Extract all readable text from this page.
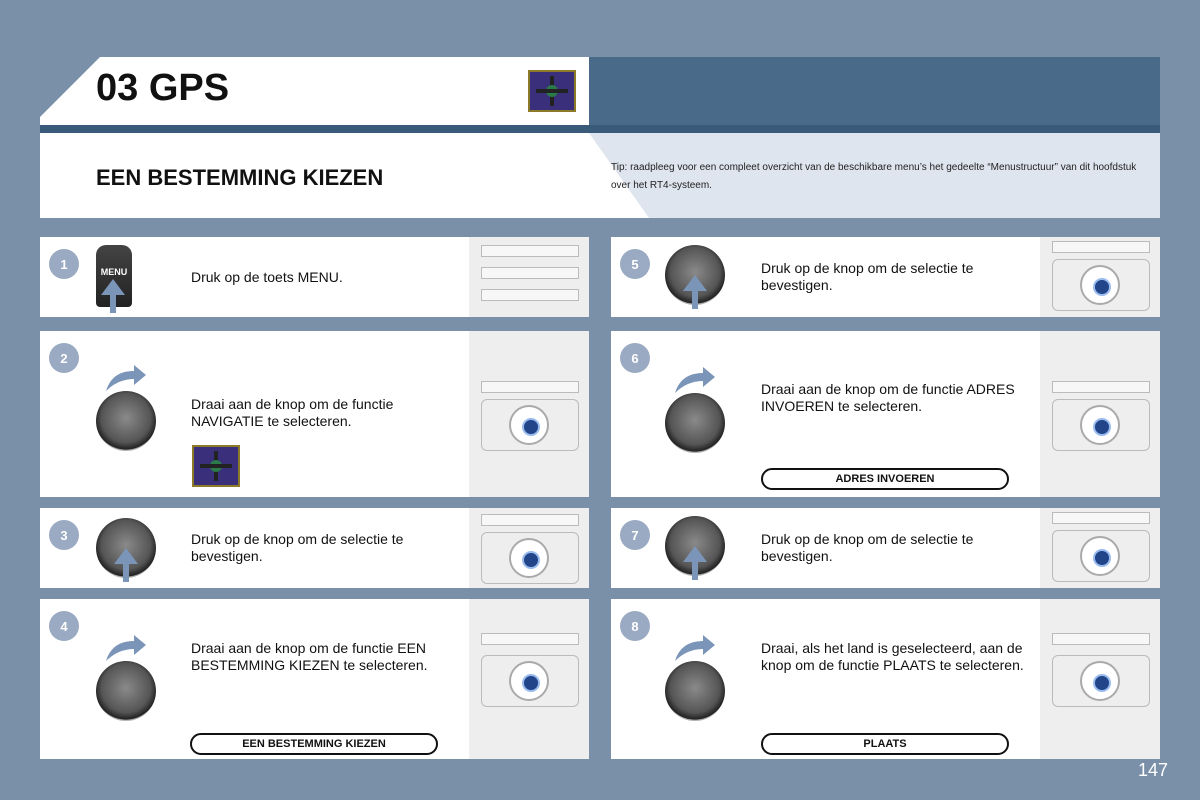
03 GPS
EEN BESTEMMING KIEZEN	Tip: raadpleeg voor een compleet overzicht van de beschikbare menu’s het gedeelte “Menustructuur” van dit hoofdstuk over het RT4-systeem.
1
MENU	Druk op de toets MENU.
2
Draai aan de knop om de functie NAVIGATIE te selecteren.
3	Druk op de knop om de selectie te bevestigen.
4
Draai aan de knop om de functie EEN BESTEMMING KIEZEN te selecteren.
EEN BESTEMMING KIEZEN
5	Druk op de knop om de selectie te bevestigen.
6
Draai aan de knop om de functie ADRES INVOEREN te selecteren.
ADRES INVOEREN
7	Druk op de knop om de selectie te bevestigen.
8
Draai, als het land is geselecteerd, aan de knop om de functie PLAATS te selecteren.
PLAATS
147
